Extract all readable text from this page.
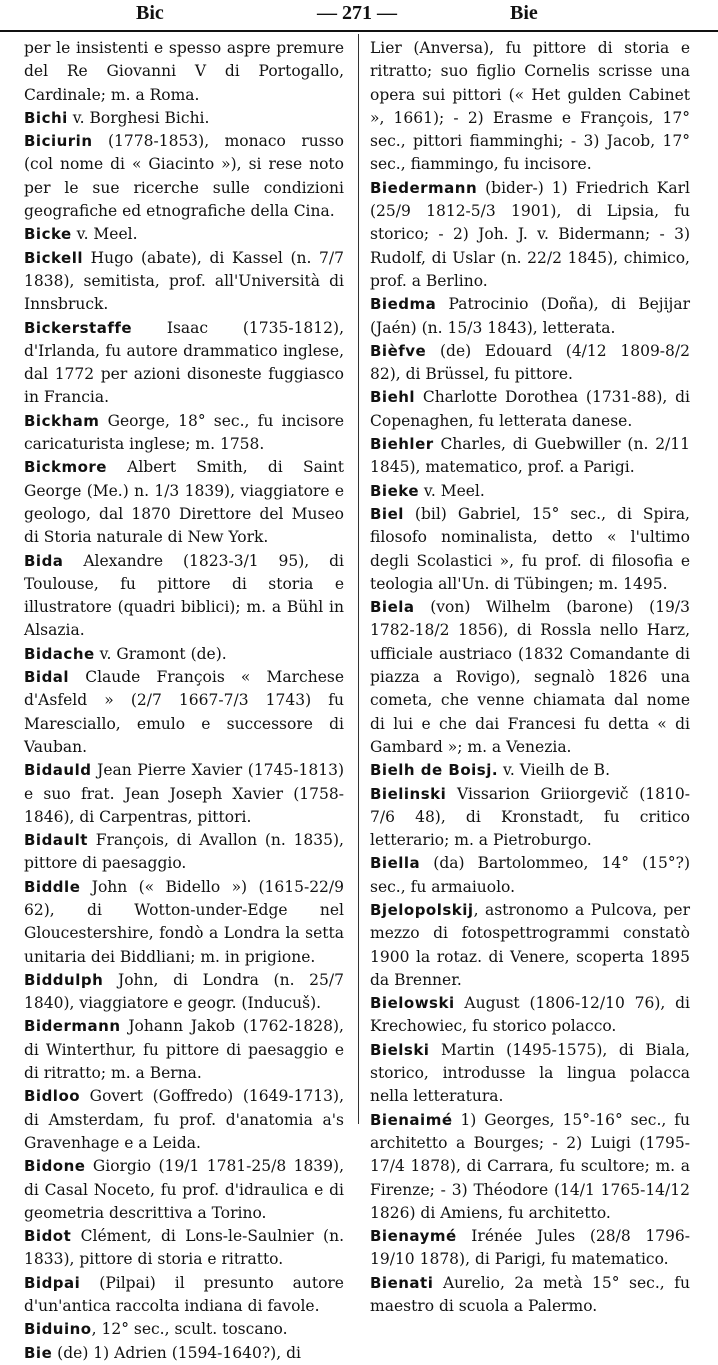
Bic	— 271 —	Bie

per le insistenti e spesso aspre premure del Re Giovanni V di Portogallo, Cardinale; m. a Roma.

Bichi v. Borghesi Bichi.

Biciurin (1778-1853), monaco russo (col nome di « Giacinto »), si rese noto per le sue ricerche sulle condizioni geografiche ed etnografiche della Cina.

Bicke v. Meel.

Bickell Hugo (abate), di Kassel (n. 7/7 1838), semitista, prof. all'Università di Innsbruck.

Bickerstaffe Isaac (1735-1812), d'Irlanda, fu autore drammatico inglese, dal 1772 per azioni disoneste fuggiasco in Francia.

Bickham George, 18° sec., fu incisore caricaturista inglese; m. 1758.

Bickmore Albert Smith, di Saint George (Me.) n. 1/3 1839), viaggiatore e geologo, dal 1870 Direttore del Museo di Storia naturale di New York.

Bida Alexandre (1823-3/1 95), di Toulouse, fu pittore di storia e illustratore (quadri biblici); m. a Bühl in Alsazia.

Bidache v. Gramont (de).

Bidal Claude François « Marchese d'Asfeld » (2/7 1667-7/3 1743) fu Maresciallo, emulo e successore di Vauban.

Bidauld Jean Pierre Xavier (1745-1813) e suo frat. Jean Joseph Xavier (1758-1846), di Carpentras, pittori.

Bidault François, di Avallon (n. 1835), pittore di paesaggio.

Biddle John (« Bidello ») (1615-22/9 62), di Wotton-under-Edge nel Gloucestershire, fondò a Londra la setta unitaria dei Biddliani; m. in prigione.

Biddulph John, di Londra (n. 25/7 1840), viaggiatore e geogr. (Inducuš).

Bidermann Johann Jakob (1762-1828), di Winterthur, fu pittore di paesaggio e di ritratto; m. a Berna.

Bidloo Govert (Goffredo) (1649-1713), di Amsterdam, fu prof. d'anatomia a's Gravenhage e a Leida.

Bidone Giorgio (19/1 1781-25/8 1839), di Casal Noceto, fu prof. d'idraulica e di geometria descrittiva a Torino.

Bidot Clément, di Lons-le-Saulnier (n. 1833), pittore di storia e ritratto.

Bidpai (Pilpai) il presunto autore d'un'antica raccolta indiana di favole.

Biduino, 12° sec., scult. toscano.

Bie (de) 1) Adrien (1594-1640?), di

Lier (Anversa), fu pittore di storia e ritratto; suo figlio Cornelis scrisse una opera sui pittori (« Het gulden Cabinet », 1661); - 2) Erasme e François, 17° sec., pittori fiamminghi; - 3) Jacob, 17° sec., fiammingo, fu incisore.

Biedermann (bider-) 1) Friedrich Karl (25/9 1812-5/3 1901), di Lipsia, fu storico; - 2) Joh. J. v. Bidermann; - 3) Rudolf, di Uslar (n. 22/2 1845), chimico, prof. a Berlino.

Biedma Patrocinio (Doña), di Bejijar (Jaén) (n. 15/3 1843), letterata.

Bièfve (de) Edouard (4/12 1809-8/2 82), di Brüssel, fu pittore.

Biehl Charlotte Dorothea (1731-88), di Copenaghen, fu letterata danese.

Biehler Charles, di Guebwiller (n. 2/11 1845), matematico, prof. a Parigi.

Bieke v. Meel.

Biel (bil) Gabriel, 15° sec., di Spira, filosofo nominalista, detto « l'ultimo degli Scolastici », fu prof. di filosofia e teologia all'Un. di Tübingen; m. 1495.

Biela (von) Wilhelm (barone) (19/3 1782-18/2 1856), di Rossla nello Harz, ufficiale austriaco (1832 Comandante di piazza a Rovigo), segnalò 1826 una cometa, che venne chiamata dal nome di lui e che dai Francesi fu detta « di Gambard »; m. a Venezia.

Bielh de Boisj. v. Vieilh de B.

Bielinski Vissarion Griiorgevič (1810-7/6 48), di Kronstadt, fu critico letterario; m. a Pietroburgo.

Biella (da) Bartolommeo, 14° (15°?) sec., fu armaiuolo.

Bjelopolskij, astronomo a Pulcova, per mezzo di fotospettrogrammi constatò 1900 la rotaz. di Venere, scoperta 1895 da Brenner.

Bielowski August (1806-12/10 76), di Krechowiec, fu storico polacco.

Bielski Martin (1495-1575), di Biala, storico, introdusse la lingua polacca nella letteratura.

Bienaimé 1) Georges, 15°-16° sec., fu architetto a Bourges; - 2) Luigi (1795-17/4 1878), di Carrara, fu scultore; m. a Firenze; - 3) Théodore (14/1 1765-14/12 1826) di Amiens, fu architetto.

Bienaymé Irénée Jules (28/8 1796-19/10 1878), di Parigi, fu matematico.

Bienati Aurelio, 2a metà 15° sec., fu maestro di scuola a Palermo.
